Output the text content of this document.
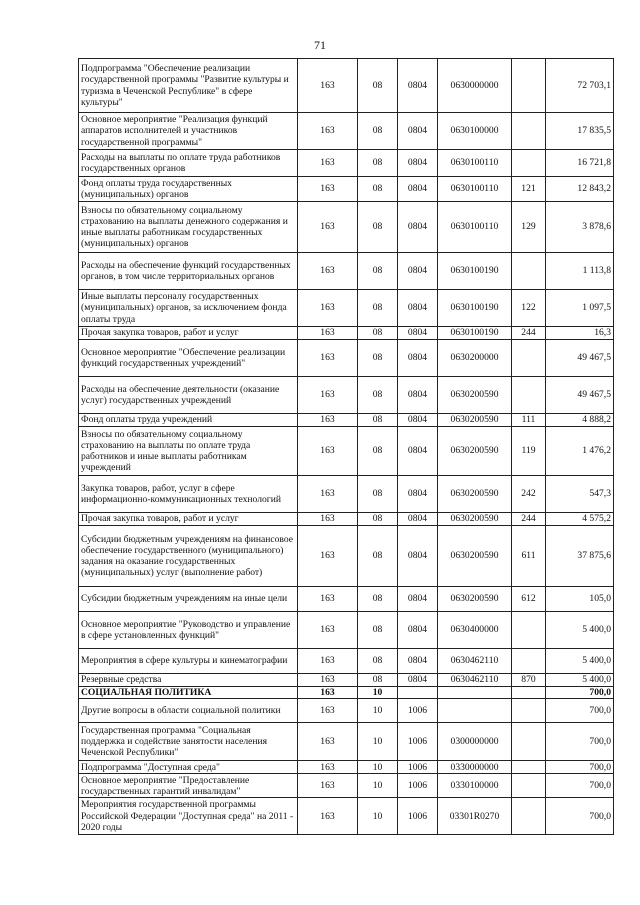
71
Подпрограмма "Обеспечение реализации государственной программы "Развитие культуры и туризма в Чеченской Республике" в сфере культуры"	163	08	0804	0630000000		72 703,1
Основное мероприятие "Реализация функций аппаратов исполнителей и участников государственной программы"	163	08	0804	0630100000		17 835,5
Расходы на выплаты по оплате труда работников государственных органов	163	08	0804	0630100110		16 721,8
Фонд оплаты труда государственных (муниципальных) органов	163	08	0804	0630100110	121	12 843,2
Взносы по обязательному социальному страхованию на выплаты денежного содержания и иные выплаты работникам государственных (муниципальных) органов	163	08	0804	0630100110	129	3 878,6
Расходы на обеспечение функций государственных органов, в том числе территориальных органов	163	08	0804	0630100190		1 113,8
Иные выплаты персоналу государственных (муниципальных) органов, за исключением фонда оплаты труда	163	08	0804	0630100190	122	1 097,5
Прочая закупка товаров, работ и услуг	163	08	0804	0630100190	244	16,3
Основное мероприятие "Обеспечение реализации функций государственных учреждений"	163	08	0804	0630200000		49 467,5
Расходы на обеспечение деятельности (оказание услуг) государственных учреждений	163	08	0804	0630200590		49 467,5
Фонд оплаты труда учреждений	163	08	0804	0630200590	111	4 888,2
Взносы по обязательному социальному страхованию на выплаты по оплате труда работников и иные выплаты работникам учреждений	163	08	0804	0630200590	119	1 476,2
Закупка товаров, работ, услуг в сфере информационно-коммуникационных технологий	163	08	0804	0630200590	242	547,3
Прочая закупка товаров, работ и услуг	163	08	0804	0630200590	244	4 575,2
Субсидии бюджетным учреждениям на финансовое обеспечение государственного (муниципального) задания на оказание государственных (муниципальных) услуг (выполнение работ)	163	08	0804	0630200590	611	37 875,6
Субсидии бюджетным учреждениям на иные цели	163	08	0804	0630200590	612	105,0
Основное мероприятие "Руководство и управление в сфере установленных функций"	163	08	0804	0630400000		5 400,0
Мероприятия в сфере культуры и кинематографии	163	08	0804	0630462110		5 400,0
Резервные средства	163	08	0804	0630462110	870	5 400,0
СОЦИАЛЬНАЯ ПОЛИТИКА	163	10				700,0
Другие вопросы в области социальной политики	163	10	1006			700,0
Государственная программа "Социальная поддержка и содействие занятости населения Чеченской Республики"	163	10	1006	0300000000		700,0
Подпрограмма "Доступная среда"	163	10	1006	0330000000		700,0
Основное мероприятие "Предоставление государственных гарантий инвалидам"	163	10	1006	0330100000		700,0
Мероприятия государственной программы Российской Федерации "Доступная среда" на 2011 - 2020 годы	163	10	1006	03301R0270		700,0
